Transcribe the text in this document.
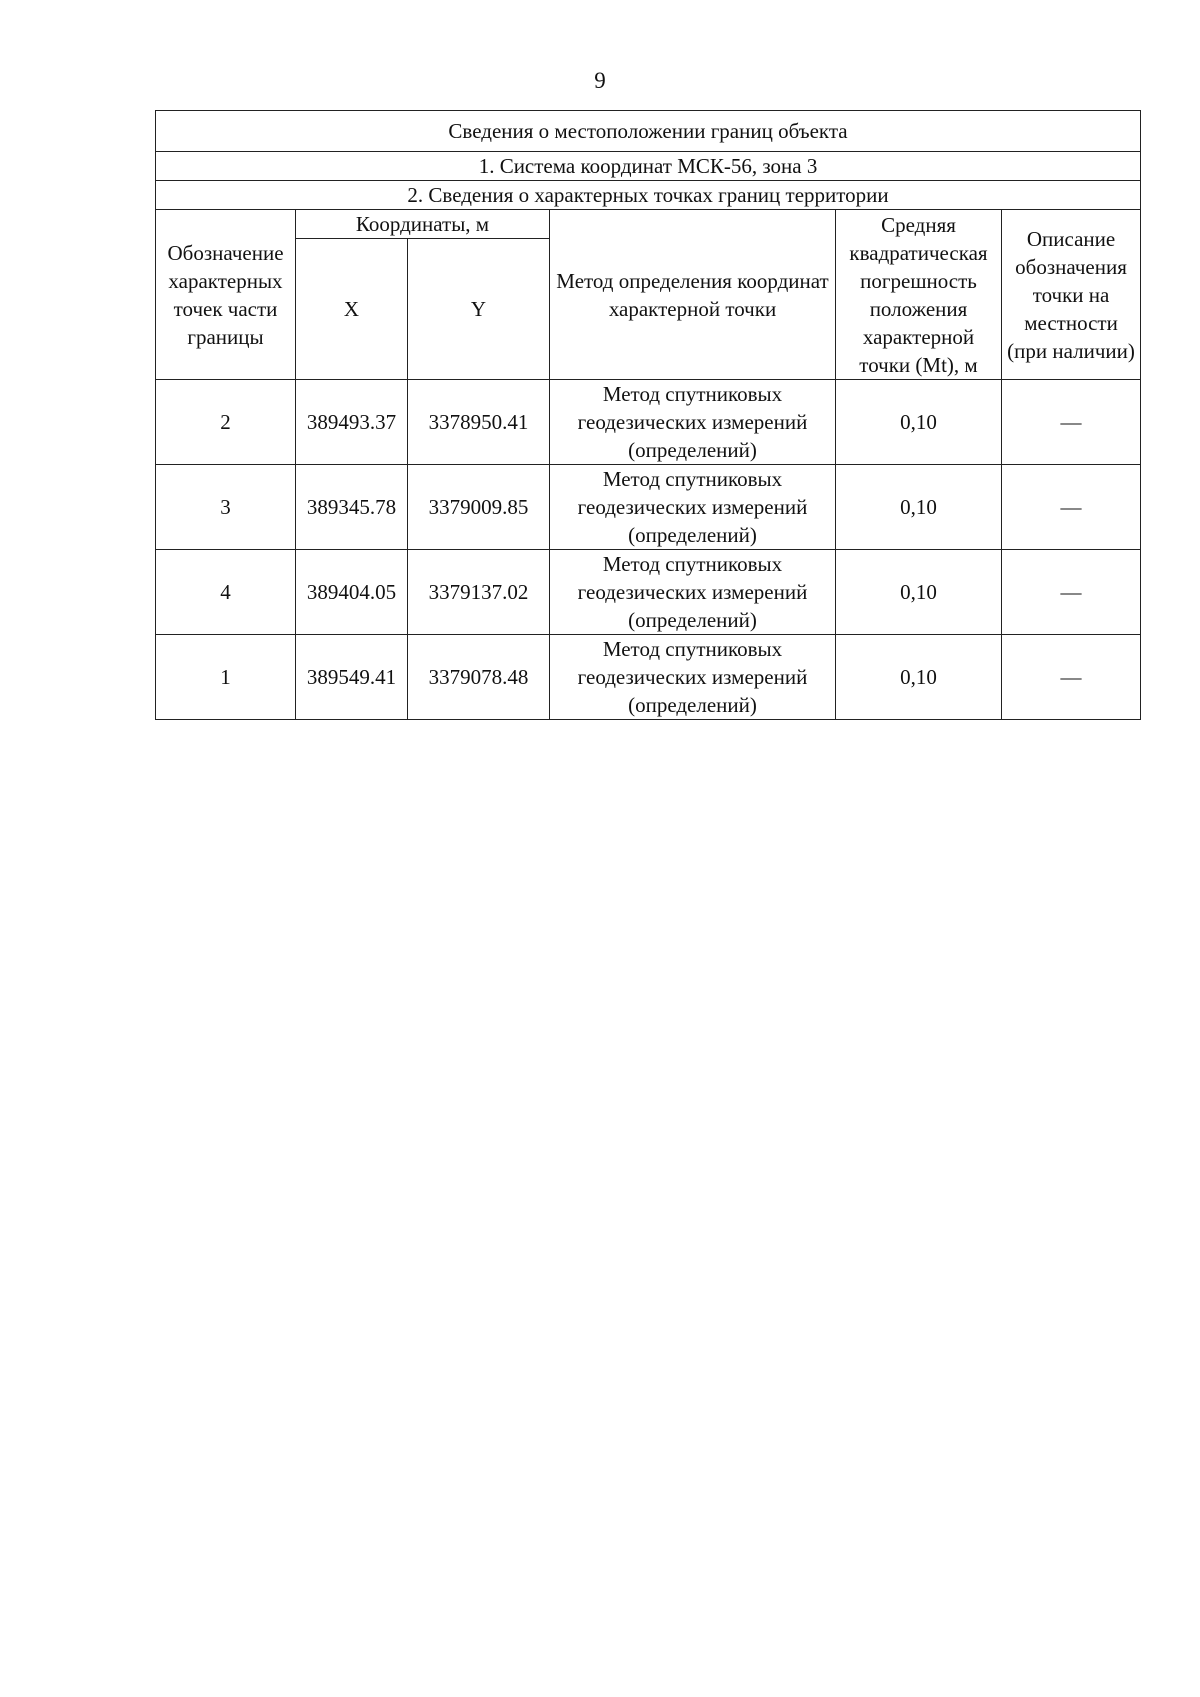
9
Сведения о местоположении границ объекта					
1. Система координат МСК-56, зона 3					
2. Сведения о характерных точках границ территории					
Обозначение характерных точек части границы	Координаты, м		Метод определения координат характерной точки	Средняя квадратическая погрешность положения характерной точки (Mt), м	Описание обозначения точки на местности (при наличии)
	X	Y			
2	389493.37	3378950.41	Метод спутниковых геодезических измерений (определений)	0,10	—
3	389345.78	3379009.85	Метод спутниковых геодезических измерений (определений)	0,10	—
4	389404.05	3379137.02	Метод спутниковых геодезических измерений (определений)	0,10	—
1	389549.41	3379078.48	Метод спутниковых геодезических измерений (определений)	0,10	—
